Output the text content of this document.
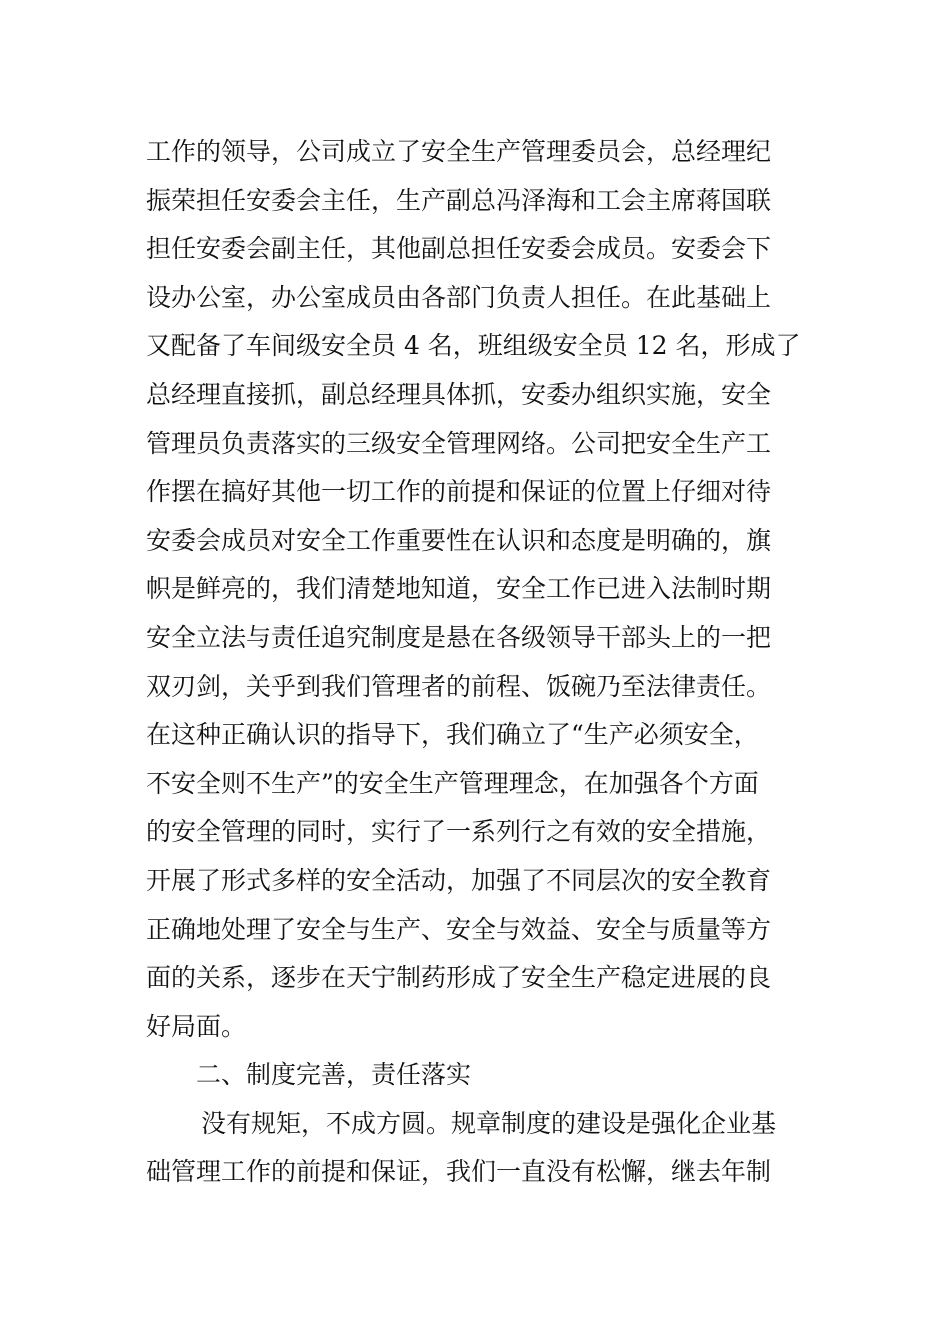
工作的领导，公司成立了安全生产管理委员会，总经理纪
振荣担任安委会主任，生产副总冯泽海和工会主席蒋国联
担任安委会副主任，其他副总担任安委会成员。安委会下
设办公室，办公室成员由各部门负责人担任。在此基础上
又配备了车间级安全员 4 名，班组级安全员 12 名，形成了
总经理直接抓，副总经理具体抓，安委办组织实施，安全
管理员负责落实的三级安全管理网络。公司把安全生产工
作摆在搞好其他一切工作的前提和保证的位置上仔细对待
安委会成员对安全工作重要性在认识和态度是明确的，旗
帜是鲜亮的，我们清楚地知道，安全工作已进入法制时期
安全立法与责任追究制度是悬在各级领导干部头上的一把
双刃剑，关乎到我们管理者的前程、饭碗乃至法律责任。
在这种正确认识的指导下，我们确立了“生产必须安全，
不安全则不生产”的安全生产管理理念，在加强各个方面
的安全管理的同时，实行了一系列行之有效的安全措施，
开展了形式多样的安全活动，加强了不同层次的安全教育
正确地处理了安全与生产、安全与效益、安全与质量等方
面的关系，逐步在天宁制药形成了安全生产稳定进展的良
好局面。
二、制度完善，责任落实
没有规矩，不成方圆。规章制度的建设是强化企业基
础管理工作的前提和保证，我们一直没有松懈，继去年制
